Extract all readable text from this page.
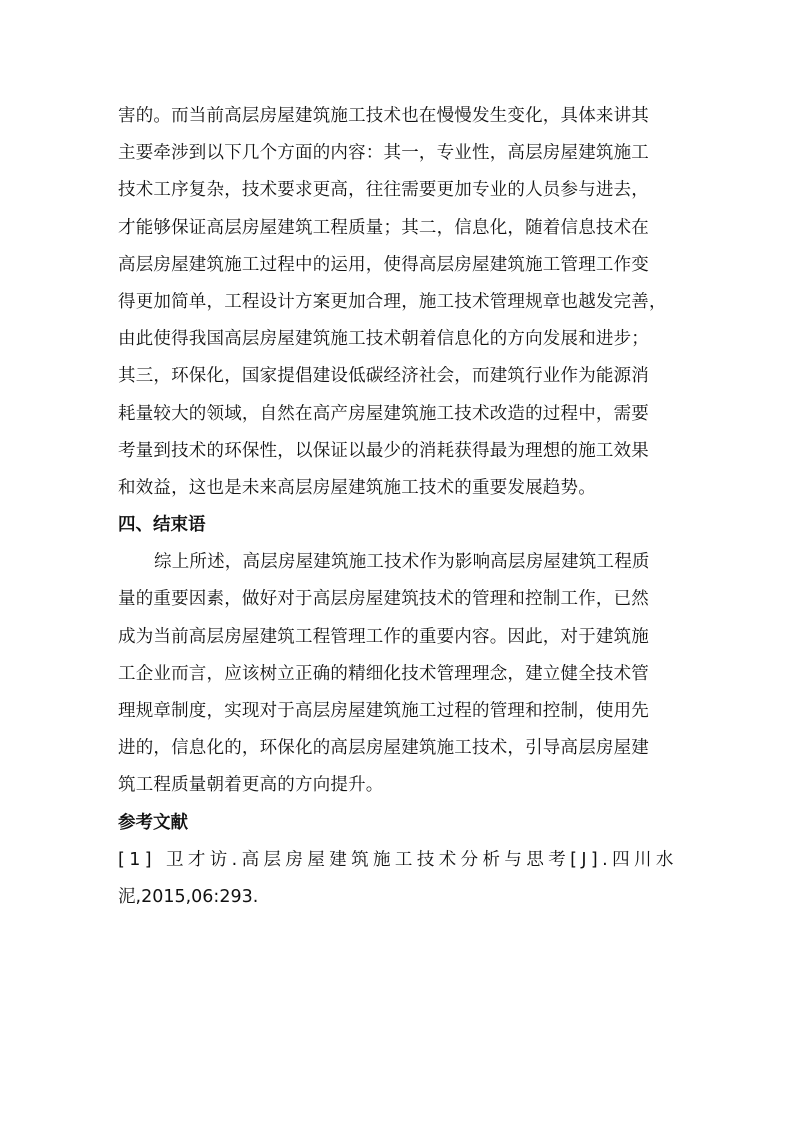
害的。而当前高层房屋建筑施工技术也在慢慢发生变化，具体来讲其
主要牵涉到以下几个方面的内容：其一，专业性，高层房屋建筑施工
技术工序复杂，技术要求更高，往往需要更加专业的人员参与进去，
才能够保证高层房屋建筑工程质量；其二，信息化，随着信息技术在
高层房屋建筑施工过程中的运用，使得高层房屋建筑施工管理工作变
得更加简单，工程设计方案更加合理，施工技术管理规章也越发完善，
由此使得我国高层房屋建筑施工技术朝着信息化的方向发展和进步；
其三，环保化，国家提倡建设低碳经济社会，而建筑行业作为能源消
耗量较大的领域，自然在高产房屋建筑施工技术改造的过程中，需要
考量到技术的环保性，以保证以最少的消耗获得最为理想的施工效果
和效益，这也是未来高层房屋建筑施工技术的重要发展趋势。
四、结束语
综上所述，高层房屋建筑施工技术作为影响高层房屋建筑工程质
量的重要因素，做好对于高层房屋建筑技术的管理和控制工作，已然
成为当前高层房屋建筑工程管理工作的重要内容。因此，对于建筑施
工企业而言，应该树立正确的精细化技术管理理念，建立健全技术管
理规章制度，实现对于高层房屋建筑施工过程的管理和控制，使用先
进的，信息化的，环保化的高层房屋建筑施工技术，引导高层房屋建
筑工程质量朝着更高的方向提升。
参考文献
[1] 卫才访.高层房屋建筑施工技术分析与思考[J].四川水
泥,2015,06:293.
